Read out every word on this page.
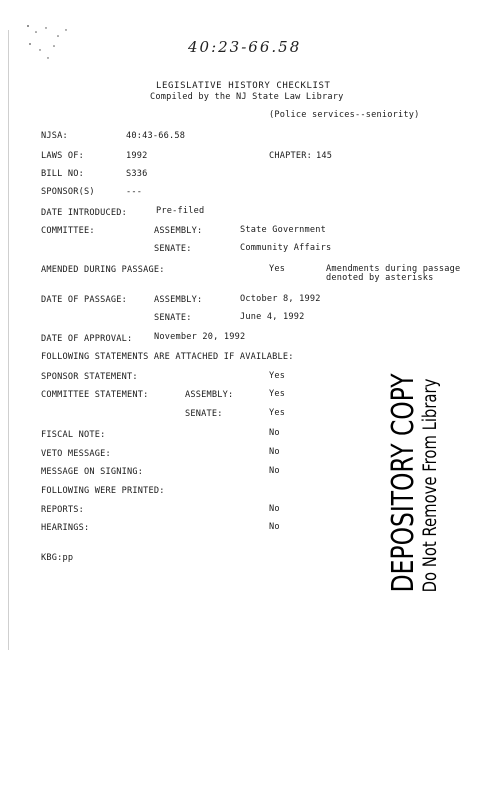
40:23-66.58
LEGISLATIVE HISTORY CHECKLIST
Compiled by the NJ State Law Library
(Police services--seniority)
NJSA:	40:43-66.58
LAWS OF:	1992	CHAPTER: 145
BILL NO:	S336
SPONSOR(S)	---
DATE INTRODUCED:	Pre-filed
COMMITTEE:	ASSEMBLY:	State Government
SENATE:	Community Affairs
AMENDED DURING PASSAGE:	Yes	Amendments during passage
denoted by asterisks
DATE OF PASSAGE:	ASSEMBLY:	October 8, 1992
SENATE:	June 4, 1992
DATE OF APPROVAL:	November 20, 1992
FOLLOWING STATEMENTS ARE ATTACHED IF AVAILABLE:
SPONSOR STATEMENT:	Yes
COMMITTEE STATEMENT:	ASSEMBLY:	Yes
SENATE:	Yes
FISCAL NOTE:	No
VETO MESSAGE:	No
MESSAGE ON SIGNING:	No
FOLLOWING WERE PRINTED:
REPORTS:	No
HEARINGS:	No
KBG:pp	DEPOSITORY COPY Do Not Remove From Library
